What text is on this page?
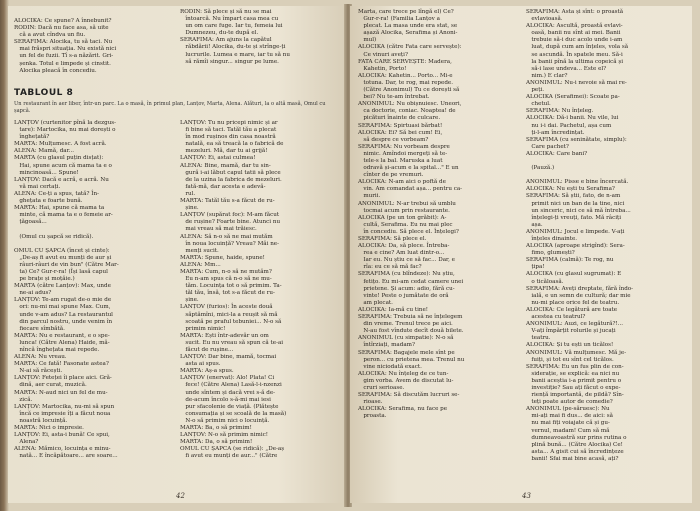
ALOCIKA: Ce spune? A înnebunit?
RODIN: Dacă nu face asa, să uite
că a avut cîndva un fiu.
SERAFIMA: Alocika, tu să taci. Nu
mai frăspri situația. Nu există nici
un fel de fuzii. Tî s-a năzărit. Gri-
șenka. Totul e limpede și cinstit.
Alocika pleacă în concediu.
RODIN: Să plece și să nu se mai
întoarcă. Nu împart casa mea cu
un om care fuge. Iar tu, femeia lui
Dumnezeu, du-te după el.
SERAFIMA: Am ajuns la capătul
răbdării! Alocika, du-te și strînge-ți
lucrurile. Lumea e mare, iar tu să nu
să rămîi singur... singur pe lume.
TABLOUL 8
Un restaurant în aer liber, într-un parc. La o masă, în primul plan, Lanțov, Marta, Alena. Alături, la o altă masă, Omul cu șapcă.
LANȚOV (curtenitor pînă la dezgus-
tare): Martocika, nu mai dorești o
înghețată?
MARTA: Mulțumesc. A fost acră.
ALENA: Mamă, dar...
MARTA (cu glasul puțin disțat):
Hai, spune acum că mama ta e o
mincinoasă... Spune!
LANȚOV: Dacă e acră, e acră. Nu
vă mai certați.
ALENA: Ce-ți a spus, tată? În-
ghețata e foarte bună.
MARTA: Hai, spune că mama ta
minte, că mama ta e o femeie ar-
țăgoasă...

(Omul cu șapcă se ridică).

OMUL CU ȘAPCA (încet și cinte):
„De-aș fi avut eu munți de aur și
râuri-râuri de vin bun" (Către Mar-
ta) Ce? Gur-r-ra! (Își lasă capul
pe brațe și moțăie.)
MARTA (către Lanțov): Max, unde
ne-ai adus?
LANȚOV: Te-am rugat de-o mie de
ori: nu-mi mai spune Max. Cum,
unde v-am adus? La restaurantul
din parcul nostru, unde venim în
fiecare sîmbătă.
MARTA: Nu e restaurant, e o spe-
lunca! (Către Alena) Haide, mă-
nîncă înghețata mai repede.
ALENA: Nu vreau.
MARTA: Ce fată! Fasonate astea?
N-ai să răcești.
LANȚOV: Feteței îi place aici. Gră-
dină, aer curat, muzică.
MARTA: N-aud nici un fel de mu-
zică.
LANȚOV: Martocika, nu-mi să spun
încă ce impresie îți a făcut noua
noastră locuință.
MARTA: Nici o impresie.
LANȚOV: Ei, asta-i bună! Ce spui,
Alena?
ALENA: Mămico, locuința e minu-
nată... E încăpătoare... are soare...
LANȚOV: Tu nu pricepi nimic și ar
fi bine să taci. Tatăl tău a plecat
în mod rușinos din casa noastră
natală, ea să treacă la o fabrică de
mezeluri. Mă, dar tu ai grijă!
LANȚOV: Ei, astai culmea!
ALENA: Bine, mamă, dar tu sin-
gură i-ai lăbut capul tatii să plece
de la uzina la fabrica de mezeluri.
fată-mă, dar acesta e adevă-
rul.
MARTA: Tatăl tău s-a făcut de ru-
șine.
LANȚOV (supărat foc): M-am făcut
de rușine? Foarte bine. Atunci nu
mai vreau să mai trăiesc.
ALENA: Să n-o să ne mai mutăm
în noua locuință? Vreau? Măi ne-
menți sucit.
MARTA: Spune, haide, spune!
ALENA: Mm...
MARTA: Cum, n-o să ne mutăm?
Eu n-am spus că n-o să ne mu-
tăm. Locuința tot o să primim. Ta-
tăl tău, însă, tot s-a făcut de ru-
șine.
LANȚOV (furios): În aceste două
săptămîni, mici-la a reușit să mă
scoată pe praful tebuniei... N-o să
primim nimic!
MARTA: Ești într-adevăr un om
sucit. Eu nu vreau să spun că te-ai
făcut de rușine...
LANȚOV: Dar bine, mamă, tocmai
asta ai spus.
MARTA: Aș-a spus.
LANȚOV (enervat): Alo! Plata! Ci
fece! (Către Alena) Lasă-l-i-nzenzi
unde sîntem și dacă vrei s-ă de-
de-acum încolo s-ă-mi mai iesi
pur sfacolenie de viață. (Plătește
consumația și se scoală de la masă)
N-o să primim nici o locuință.
MARTA: Ba, o să primim!
LANȚOV: N-o să primim nimic!
MARTA: Da, o să primim!
OMUL CU ȘAPCA (se ridică): „De-aș
fi avut eu munți de aur..." (Către
42
Marta, care trece pe lîngă el) Ce?
Gur-r-ra! (Familia Lanțov a
plecat. La masa unde era stat, se
așază Alocika, Serafima și Anoni-
mul)
ALOCIKA (către Fata care servește):
Ce vinuri aveți?
FATA CARE SERVEȘTE: Madera,
Kahetin, Porto!
ALOCIKA: Kahetin... Porto... Mi-e
totuna. Dar, te rog, mai repede.
(Către Anonimul) Tu ce dorești să
bei? Nu te-am întrebat.
ANONIMUL: Nu obișnuiesc. Uneori,
ca doctorie, coniac. Noaptea! de
picături înainte de culcare.
SERAFIMA: Spirtuasi bărbat!
ALOCIKA: Ei? Să bei cum! Ei,
să despre ce vorbeam?
SERAFIMA: Nu vorbeam despre
nimic. Amîndoi mergeți să te-
tele-s la bal. Maruska a luat
odravă și-acum e la spital..." E un
cînter de pe vremuri.
ALOCIKA: N-am aici o poftă de
vin. Am comandat așa... pentru ca-
murii.
ANONIMUL: N-ar trebui să umblu
tocmai acum prin restaurante.
ALOCIKA (pe un ton grăbit): A-
cultă, Serafima. Eu nu mai plec
în concediu. Să plece el. Înțelegi?
SERAFIMA: Să plece el.
ALOCIKA: Da, să plece. Întreba-
rea e cine? Am luat dintr-o...
Iar eu. Nu știu ce să fac... Dar, e
rîa: eu ce să mă fac?
SERAFIMA (cu blîndeze): Nu știu,
fetițo. Eu mi-am cedat camere unei
prietene. Și acum: adio, fără cu-
vinte! Peste o jumătate de oră
am plecat.
ALOCIKA: Ia-mă cu tine!
SERAFIMA: Trebuia să ne înțelegem
din vreme. Trenul trece pe aici.
N-au fost vîndute decît două bilete.
ANONIMUL (cu simpatie): N-o să
întîrziați, madam?
SERAFIMA: Bagajele mele sînt pe
peron... cu prietena mea. Trenul nu
vine niciodată exact.
ALOCIKA: Nu înțeleg de ce tun-
gim vorba. Avem de discutat lu-
cruri serioase.
SERAFIMA: Să discutăm lucruri se-
rioase.
ALOCIKA: Serafima, nu face pe
proasta.
SERAFIMA: Asta și sînt: o proastă
evlavioasă.
ALOCIKA: Ascultă, proastă evlavi-
oasă, banii nu sînt ai mei. Banii
trebuie să-i duc acolo unde i-am
luat, după cum am înțeles, vola să
se ascundă. În spatele meu. Să-i
la banii pînă la ultima copeică și
să-i lase undeva... Este el?
nim.) E clar?
ANONIMUL: Nu-i nevoie să mai re-
peți.
ALOCIKA (Serafimei): Scoate pa-
chetul.
SERAFIMA: Nu înțeleg.
ALOCIKA: Dă-i banii. Nu vile, lui
nu i-i dai. Pachetul, așa cum
ți-l-am încredințat.
SERAFIMA (cu seninătate, simplu):
Care pachet?
ALOCIKA: Care bani?

(Pauză.)

ANONIMUL: Pisse e bine încercată.
ALOCIKA: Nu ești tu Serafima?
SERAFIMA: Să știi, fato, de n-am
primit nici un ban de la tine, nici
un sinceric, nici ce să mă întreba...
înțelegi-ți vreuți, fato. Mă râciți
așa.
ANONIMUL: Jocul e limpede. V-ați
înțeles dinainte.
ALOCIKA (aproape strigînd): Sera-
fimo, glumești?
SERAFIMA (calmă): Te rog, nu
țipa!
ALOCIKA (cu glasul sugrumat): E
o ticăloasă.
SERAFIMA: Aveți dreptate, fără îndo-
ială, e un semn de cultură; dar mie
nu-mi place orice fel de teatru.
ALOCIKA: Ce legătură are toate
acestea cu teatrul?
ANONIMUL: Auzi, ce legătură?!...
V-ați împărțit rolurile și jucați
teatru.
ALOCIKA: Și tu ești un ticălos!
ANONIMUL: Vă mulțumesc. Mă je-
fuiți, și tot eu sînt cel ticălos.
SERAFIMA: Eu un fus plin de con-
siderație, se explică: ea nici nu
banii aceștia i-a primit pentru o
investiție? Sau ați făcut o expe-
riență importantă, de pildă? Sîn-
teți poate autor de comedie?
ANONIMUL (pe-săruesc): Nu
mi-ați mai fi dus... de aici: să
nu mai fiți voiajate că și gu-
vernul, madam! Cum să mă
dumneavoastră sur prins rutina o
plină bună... (Către Alocika) Ce!
asta... A gisit cui să încredințeze
banii! Sfai mai bine acasă, ați?
43
